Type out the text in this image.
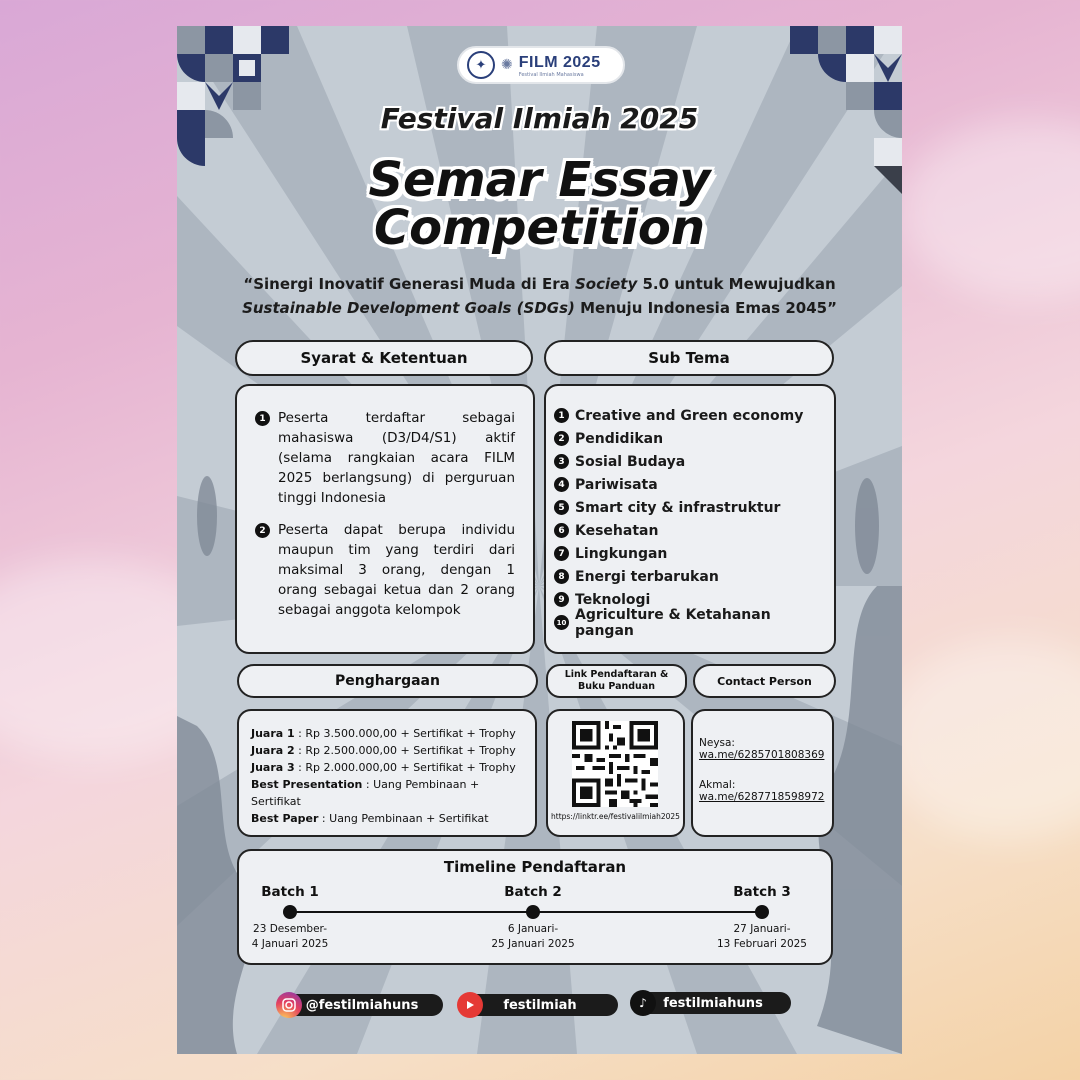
✦	✺ FILM 2025
Festival Ilmiah Mahasiswa
Festival Ilmiah 2025
Semar Essay
Competition
“Sinergi Inovatif Generasi Muda di Era Society 5.0 untuk Mewujudkan
Sustainable Development Goals (SDGs) Menuju Indonesia Emas 2045”
Syarat & Ketentuan
1 Peserta terdaftar sebagai mahasiswa (D3/D4/S1) aktif (selama rangkaian acara FILM 2025 berlangsung) di perguruan tinggi Indonesia
2 Peserta dapat berupa individu maupun tim yang terdiri dari maksimal 3 orang, dengan 1 orang sebagai ketua dan 2 orang sebagai anggota kelompok
Sub Tema
1 Creative and Green economy
2 Pendidikan
3 Sosial Budaya
4 Pariwisata
5 Smart city & infrastruktur
6 Kesehatan
7 Lingkungan
8 Energi terbarukan
9 Teknologi
10 Agriculture & Ketahanan pangan
Penghargaan
Juara 1 : Rp 3.500.000,00 + Sertifikat + Trophy
Juara 2 : Rp 2.500.000,00 + Sertifikat + Trophy
Juara 3 : Rp 2.000.000,00 + Sertifikat + Trophy
Best Presentation : Uang Pembinaan + Sertifikat
Best Paper : Uang Pembinaan + Sertifikat
Link Pendaftaran & Buku Panduan
https://linktr.ee/festivalilmiah2025
Contact Person
Neysa:
wa.me/6285701808369
Akmal:
wa.me/6287718598972
Timeline Pendaftaran
Batch 1
23 Desember-
4 Januari 2025
Batch 2
6 Januari-
25 Januari 2025
Batch 3
27 Januari-
13 Februari 2025
@festilmiahuns	festilmiah	festilmiahuns
♪
